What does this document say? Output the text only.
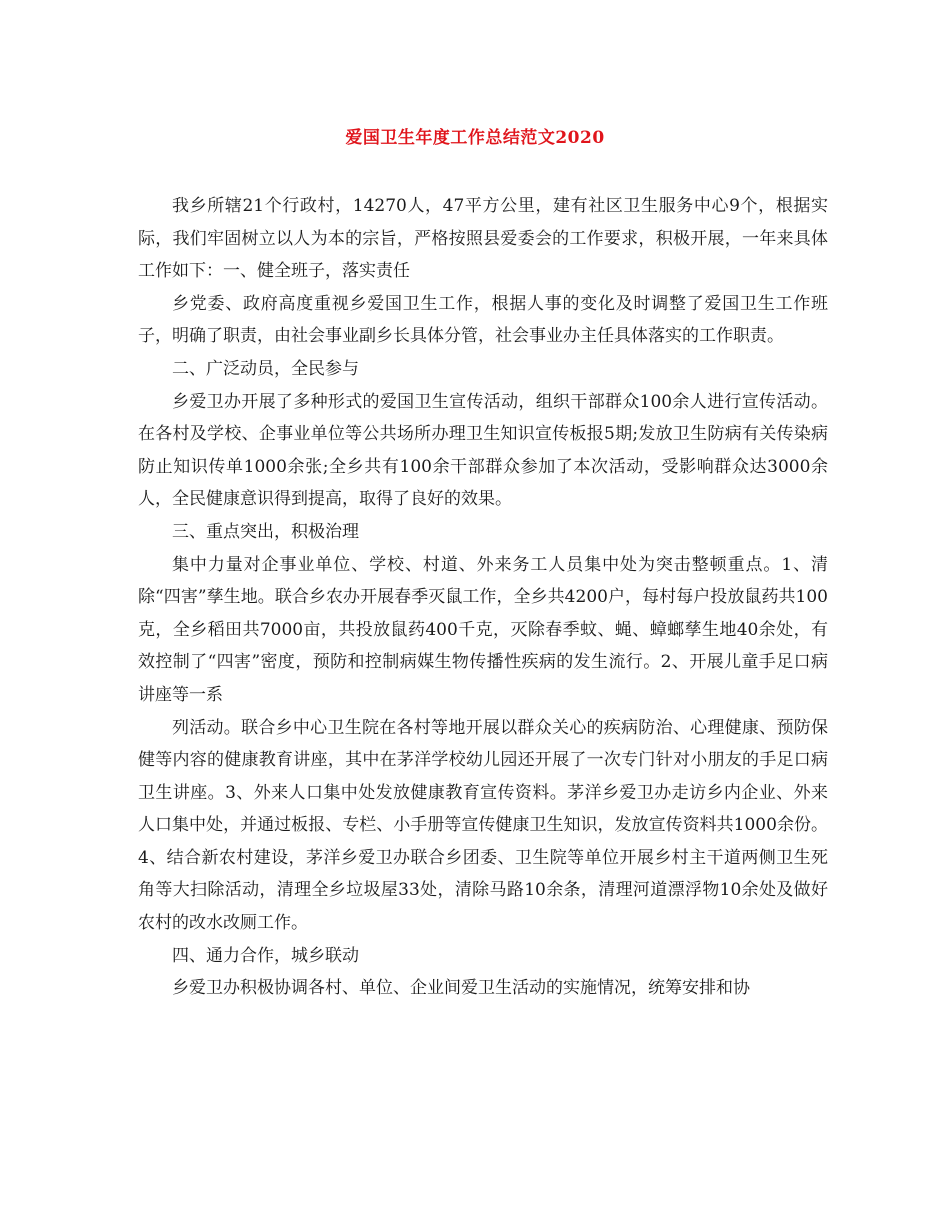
爱国卫生年度工作总结范文2020

我乡所辖21个行政村，14270人，47平方公里，建有社区卫生服务中心9个，根据实际，我们牢固树立以人为本的宗旨，严格按照县爱委会的工作要求，积极开展，一年来具体工作如下：一、健全班子，落实责任

乡党委、政府高度重视乡爱国卫生工作，根据人事的变化及时调整了爱国卫生工作班子，明确了职责，由社会事业副乡长具体分管，社会事业办主任具体落实的工作职责。

二、广泛动员，全民参与

乡爱卫办开展了多种形式的爱国卫生宣传活动，组织干部群众100余人进行宣传活动。在各村及学校、企事业单位等公共场所办理卫生知识宣传板报5期;发放卫生防病有关传染病防止知识传单1000余张;全乡共有100余干部群众参加了本次活动，受影响群众达3000余人，全民健康意识得到提高，取得了良好的效果。

三、重点突出，积极治理

集中力量对企事业单位、学校、村道、外来务工人员集中处为突击整顿重点。1、清除“四害”孳生地。联合乡农办开展春季灭鼠工作，全乡共4200户，每村每户投放鼠药共100克，全乡稻田共7000亩，共投放鼠药400千克，灭除春季蚊、蝇、蟑螂孳生地40余处，有效控制了“四害”密度，预防和控制病媒生物传播性疾病的发生流行。2、开展儿童手足口病讲座等一系

列活动。联合乡中心卫生院在各村等地开展以群众关心的疾病防治、心理健康、预防保健等内容的健康教育讲座，其中在茅洋学校幼儿园还开展了一次专门针对小朋友的手足口病卫生讲座。3、外来人口集中处发放健康教育宣传资料。茅洋乡爱卫办走访乡内企业、外来人口集中处，并通过板报、专栏、小手册等宣传健康卫生知识，发放宣传资料共1000余份。4、结合新农村建设，茅洋乡爱卫办联合乡团委、卫生院等单位开展乡村主干道两侧卫生死角等大扫除活动，清理全乡垃圾屋33处，清除马路10余条，清理河道漂浮物10余处及做好农村的改水改厕工作。

四、通力合作，城乡联动

乡爱卫办积极协调各村、单位、企业间爱卫生活动的实施情况，统筹安排和协
